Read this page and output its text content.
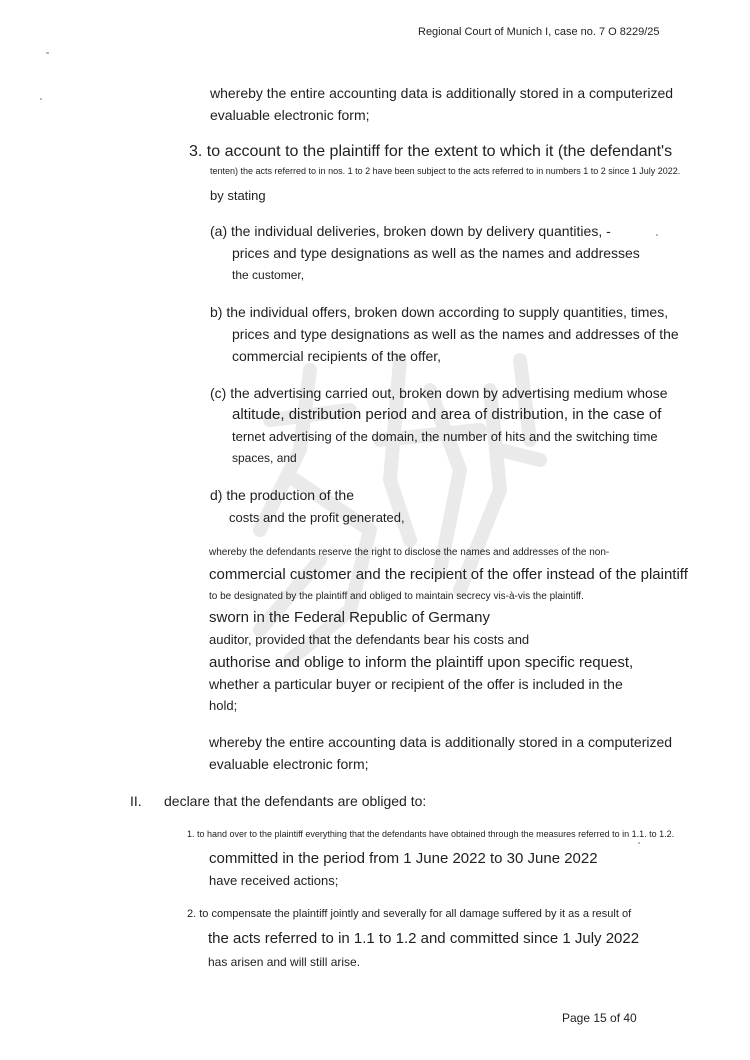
Regional Court of Munich I, case no. 7 O 8229/25

whereby the entire accounting data is additionally stored in a computerized

evaluable electronic form;

3. to account to the plaintiff for the extent to which it (the defendant's

tenten) the acts referred to in nos. 1 to 2 have been subject to the acts referred to in numbers 1 to 2 since 1 July 2022.

by stating

(a) the individual deliveries, broken down by delivery quantities, -

prices and type designations as well as the names and addresses

the customer,

b) the individual offers, broken down according to supply quantities, times,

prices and type designations as well as the names and addresses of the

commercial recipients of the offer,

(c) the advertising carried out, broken down by advertising medium whose

altitude, distribution period and area of distribution, in the case of

ternet advertising of the domain, the number of hits and the switching time

spaces, and

d) the production of the

costs and the profit generated,

whereby the defendants reserve the right to disclose the names and addresses of the non-

commercial customer and the recipient of the offer instead of the plaintiff

to be designated by the plaintiff and obliged to maintain secrecy vis-à-vis the plaintiff.

sworn in the Federal Republic of Germany

auditor, provided that the defendants bear his costs and

authorise and oblige to inform the plaintiff upon specific request,

whether a particular buyer or recipient of the offer is included in the

hold;

whereby the entire accounting data is additionally stored in a computerized

evaluable electronic form;

II. declare that the defendants are obliged to:

1. to hand over to the plaintiff everything that the defendants have obtained through the measures referred to in 1.1. to 1.2.

committed in the period from 1 June 2022 to 30 June 2022

have received actions;

2. to compensate the plaintiff jointly and severally for all damage suffered by it as a result of

the acts referred to in 1.1 to 1.2 and committed since 1 July 2022

has arisen and will still arise.

Page 15 of 40
